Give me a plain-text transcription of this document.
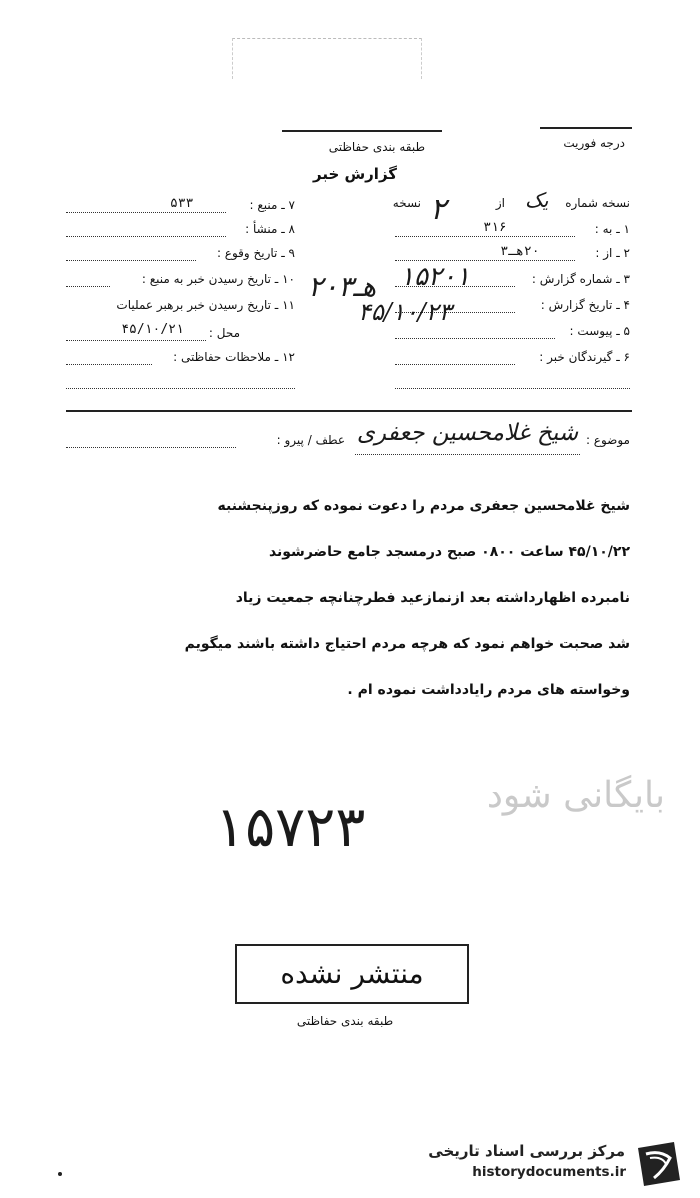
درجه فوریت
طبقه بندی حفاظتی
گزارش خبر
۷ ـ منبع :
۵۳۳
۸ ـ منشأ :
۹ ـ تاریخ وقوع :
۱۰ ـ تاریخ رسیدن خبر به منبع :
۱۱ ـ تاریخ رسیدن خبر برهبر عملیات
محل :
۴۵/۱۰/۲۱
۱۲ ـ ملاحظات حفاظتی :
نسخه شماره
یک
از
۲
نسخه
۱ ـ به :
۳۱۶
۲ ـ از :
۲۰هـ۳
۳ ـ شماره گزارش :
۱۵۲۰۱
۴ ـ تاریخ گزارش :
۴۵/۱۰/۲۳
۵ ـ پیوست :
۶ ـ گیرندگان خبر :
۲۰هـ۳
موضوع :
شیخ غلامحسین جعفری
عطف / پیرو :
شیخ غلامحسین جعفری مردم را دعوت نموده که روزپنجشنبه
۴۵/۱۰/۲۲ ساعت ۰۸۰۰ صبح درمسجد جامع حاضرشوند
نامبرده اظهارداشته بعد ازنمازعید فطرچنانچه جمعیت زیاد
شد صحبت خواهم نمود که هرچه مردم احتیاج داشته باشند میگویم
وخواسته های مردم رایادداشت نموده ام .
بایگانی شود
۱۵۷۲۳
منتشر نشده
طبقه بندی حفاظتی
مرکز بررسی اسناد تاریخی
historydocuments.ir
